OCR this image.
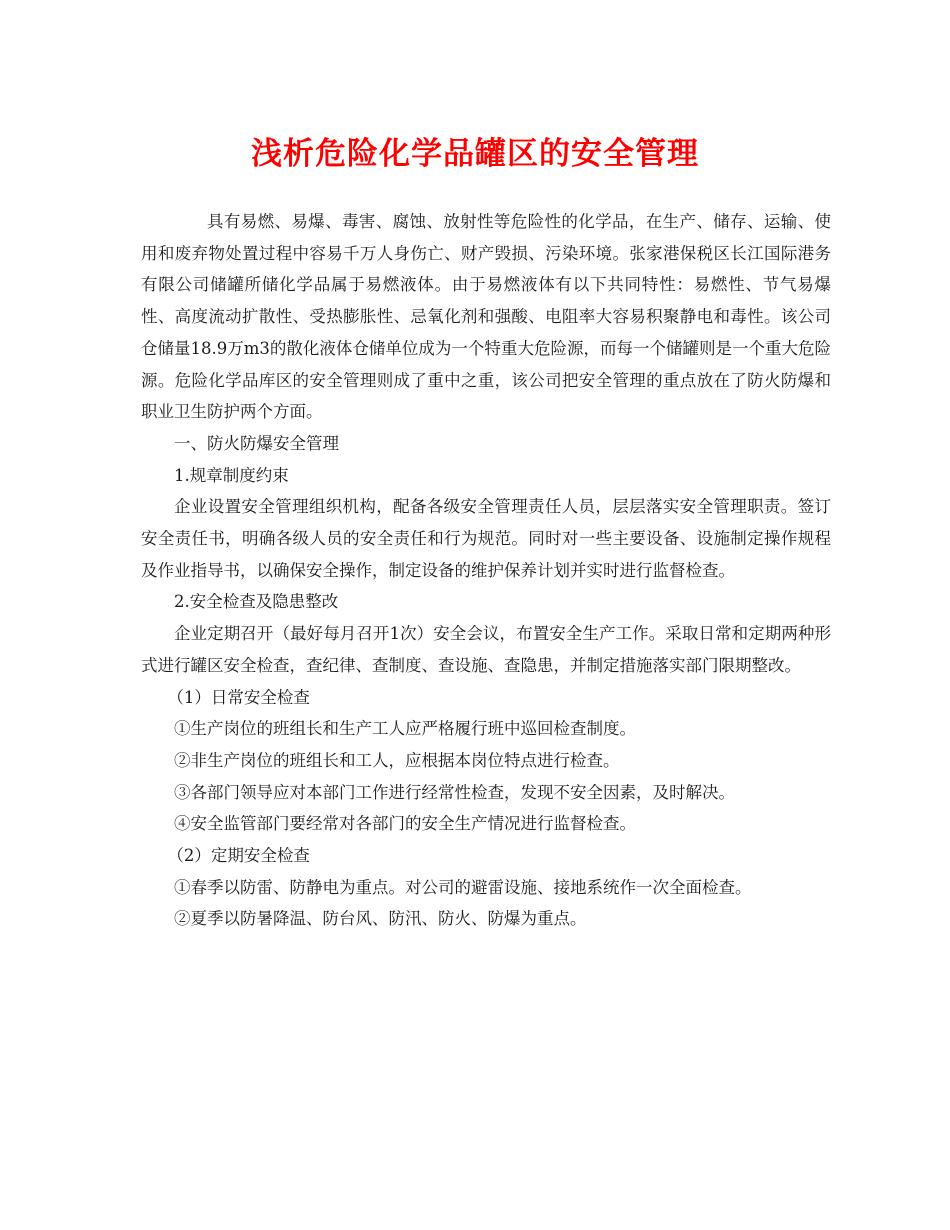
浅析危险化学品罐区的安全管理

具有易燃、易爆、毒害、腐蚀、放射性等危险性的化学品，在生产、储存、运输、使用和废弃物处置过程中容易千万人身伤亡、财产毁损、污染环境。张家港保税区长江国际港务有限公司储罐所储化学品属于易燃液体。由于易燃液体有以下共同特性：易燃性、节气易爆性、高度流动扩散性、受热膨胀性、忌氧化剂和强酸、电阻率大容易积聚静电和毒性。该公司仓储量18.9万m3的散化液体仓储单位成为一个特重大危险源，而每一个储罐则是一个重大危险源。危险化学品库区的安全管理则成了重中之重，该公司把安全管理的重点放在了防火防爆和职业卫生防护两个方面。

一、防火防爆安全管理

1.规章制度约束

企业设置安全管理组织机构，配备各级安全管理责任人员，层层落实安全管理职责。签订安全责任书，明确各级人员的安全责任和行为规范。同时对一些主要设备、设施制定操作规程及作业指导书，以确保安全操作，制定设备的维护保养计划并实时进行监督检查。

2.安全检查及隐患整改

企业定期召开（最好每月召开1次）安全会议，布置安全生产工作。采取日常和定期两种形式进行罐区安全检查，查纪律、查制度、查设施、查隐患，并制定措施落实部门限期整改。

（1）日常安全检查

①生产岗位的班组长和生产工人应严格履行班中巡回检查制度。

②非生产岗位的班组长和工人，应根据本岗位特点进行检查。

③各部门领导应对本部门工作进行经常性检查，发现不安全因素，及时解决。

④安全监管部门要经常对各部门的安全生产情况进行监督检查。

（2）定期安全检查

①春季以防雷、防静电为重点。对公司的避雷设施、接地系统作一次全面检查。

②夏季以防暑降温、防台风、防汛、防火、防爆为重点。
